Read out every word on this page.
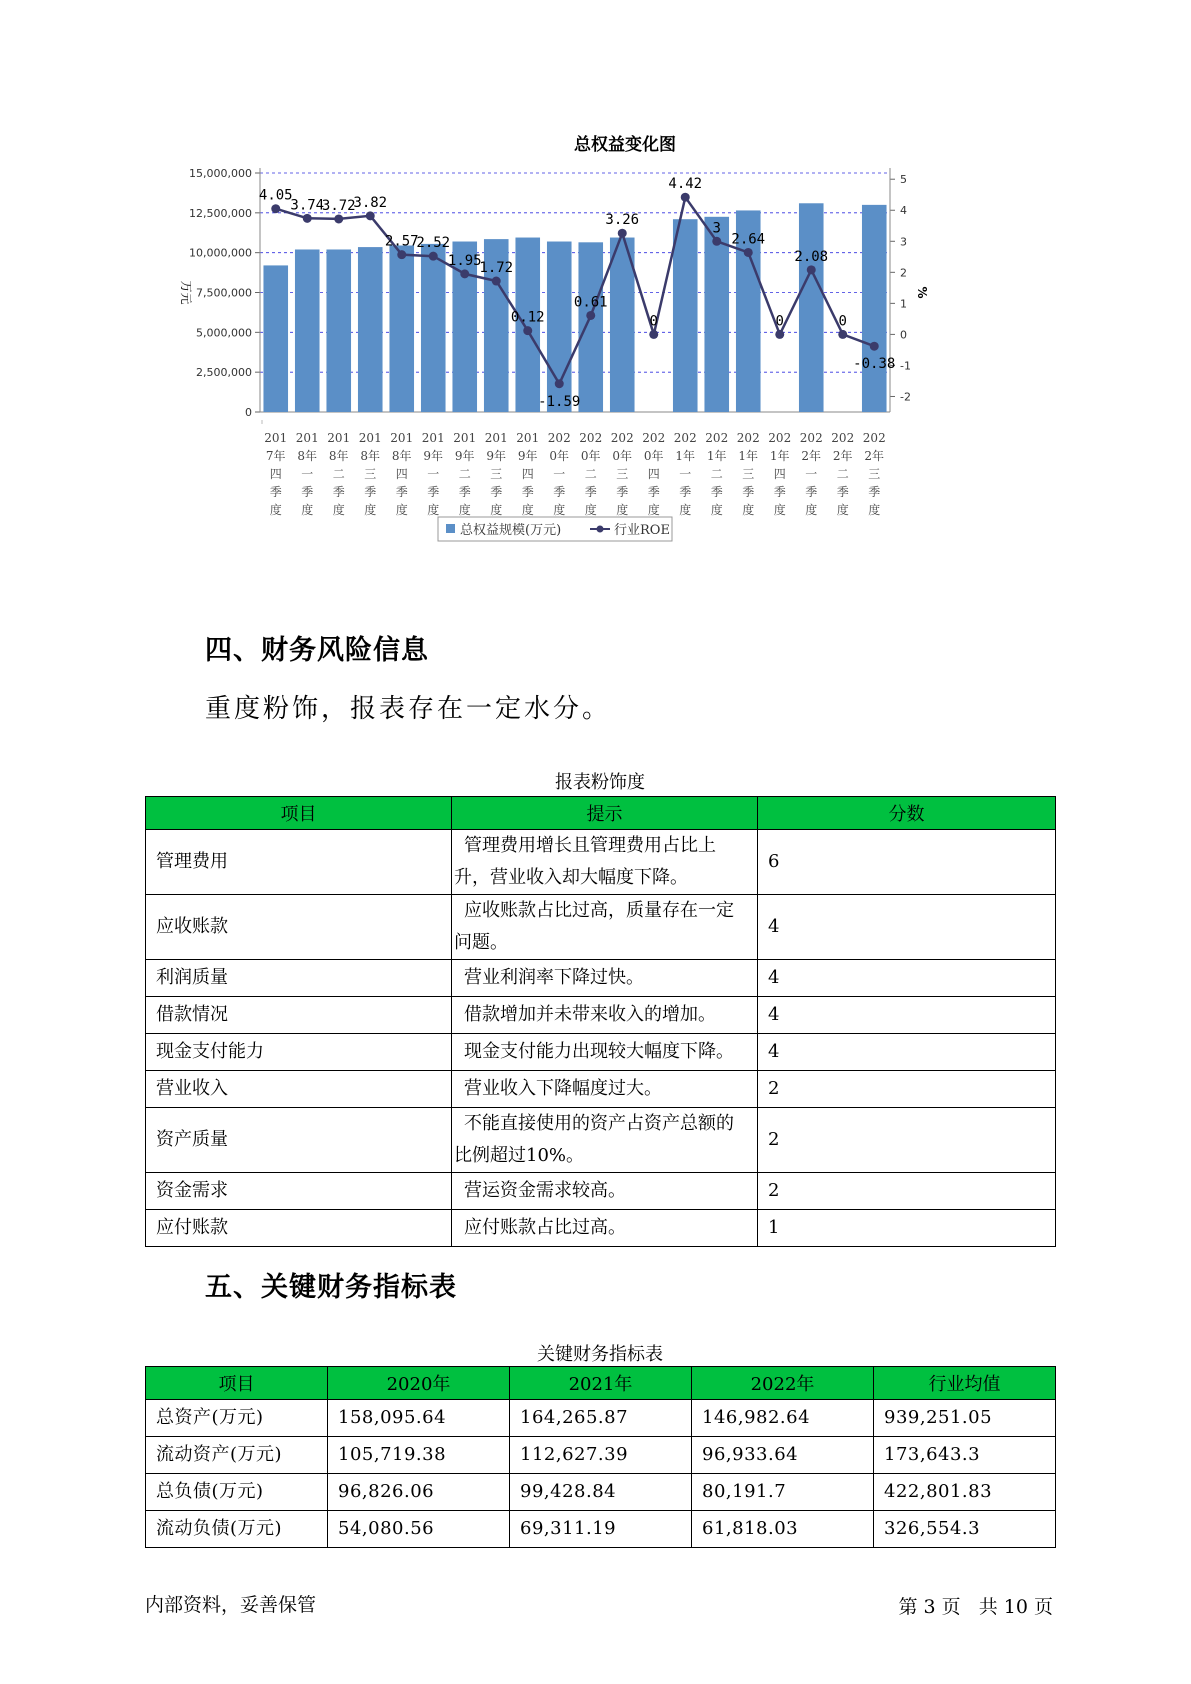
总权益变化图
15,000,000
12,500,000
10,000,000
7,500,000
5,000,000
2,500,000
0
5
4
3
2
1
0
-1
-2
万元	%
4.05
3.74
3.72
3.82
2.57
2.52
1.95
1.72
0.12
-1.59
0.61
3.26
0
4.42
3
2.64
0
2.08
0
-0.38
201 7年四季度
201 8年一季度
201 8年二季度
201 8年三季度
201 8年四季度
201 9年一季度
201 9年二季度
201 9年三季度
201 9年四季度
202 0年一季度
202 0年二季度
202 0年三季度
202 0年四季度
202 1年一季度
202 1年二季度
202 1年三季度
202 1年四季度
202 2年一季度
202 2年二季度
202 2年三季度
总权益规模(万元)	行业ROE
四、财务风险信息
重度粉饰，报表存在一定水分。
报表粉饰度
项目	提示	分数
管理费用	管理费用增长且管理费用占比上升，营业收入却大幅度下降。	6
应收账款	应收账款占比过高，质量存在一定问题。	4
利润质量	营业利润率下降过快。	4
借款情况	借款增加并未带来收入的增加。	4
现金支付能力	现金支付能力出现较大幅度下降。	4
营业收入	营业收入下降幅度过大。	2
资产质量	不能直接使用的资产占资产总额的比例超过10%。	2
资金需求	营运资金需求较高。	2
应付账款	应付账款占比过高。	1
五、关键财务指标表
关键财务指标表
项目	2020年	2021年	2022年	行业均值
总资产(万元)	158,095.64	164,265.87	146,982.64	939,251.05
流动资产(万元)	105,719.38	112,627.39	96,933.64	173,643.3
总负债(万元)	96,826.06	99,428.84	80,191.7	422,801.83
流动负债(万元)	54,080.56	69,311.19	61,818.03	326,554.3
内部资料，妥善保管	第 3 页   共 10 页
